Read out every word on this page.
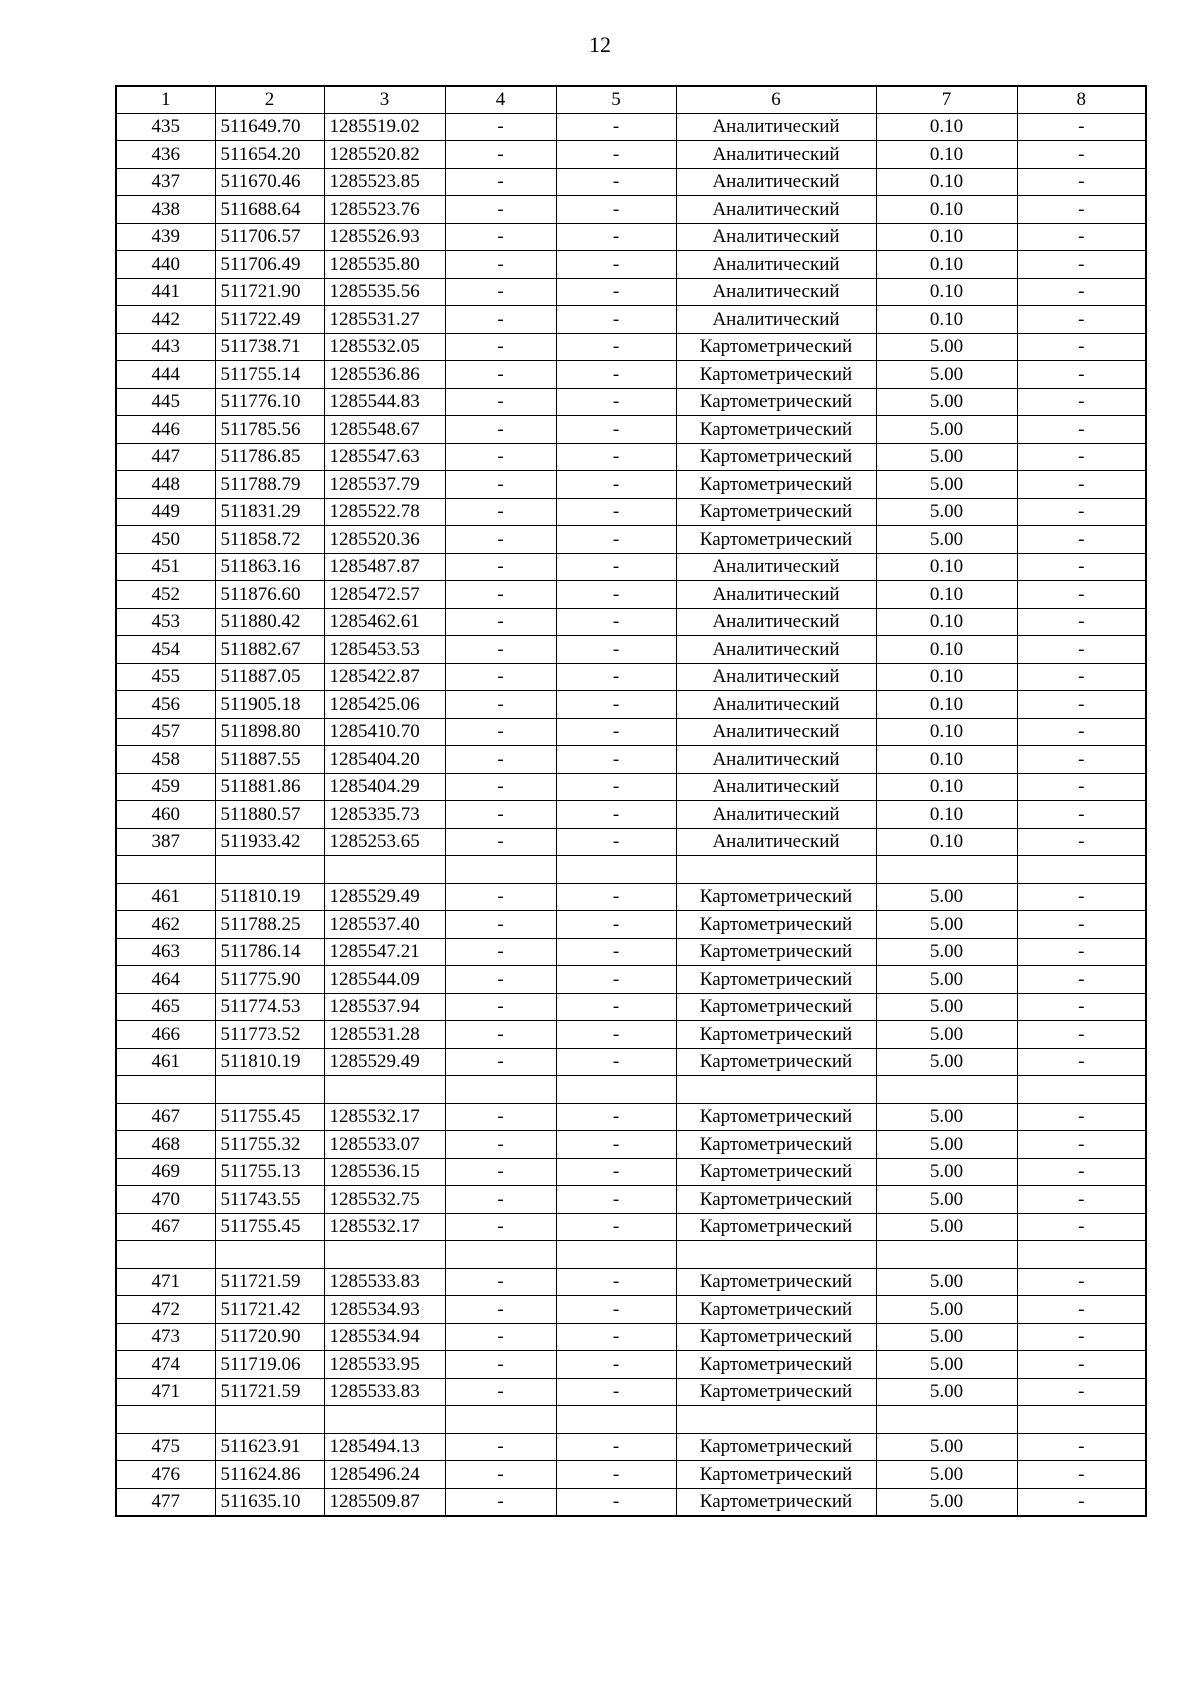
12
1	2	3	4	5	6	7	8
435	511649.70	1285519.02	-	-	Аналитический	0.10	-
436	511654.20	1285520.82	-	-	Аналитический	0.10	-
437	511670.46	1285523.85	-	-	Аналитический	0.10	-
438	511688.64	1285523.76	-	-	Аналитический	0.10	-
439	511706.57	1285526.93	-	-	Аналитический	0.10	-
440	511706.49	1285535.80	-	-	Аналитический	0.10	-
441	511721.90	1285535.56	-	-	Аналитический	0.10	-
442	511722.49	1285531.27	-	-	Аналитический	0.10	-
443	511738.71	1285532.05	-	-	Картометрический	5.00	-
444	511755.14	1285536.86	-	-	Картометрический	5.00	-
445	511776.10	1285544.83	-	-	Картометрический	5.00	-
446	511785.56	1285548.67	-	-	Картометрический	5.00	-
447	511786.85	1285547.63	-	-	Картометрический	5.00	-
448	511788.79	1285537.79	-	-	Картометрический	5.00	-
449	511831.29	1285522.78	-	-	Картометрический	5.00	-
450	511858.72	1285520.36	-	-	Картометрический	5.00	-
451	511863.16	1285487.87	-	-	Аналитический	0.10	-
452	511876.60	1285472.57	-	-	Аналитический	0.10	-
453	511880.42	1285462.61	-	-	Аналитический	0.10	-
454	511882.67	1285453.53	-	-	Аналитический	0.10	-
455	511887.05	1285422.87	-	-	Аналитический	0.10	-
456	511905.18	1285425.06	-	-	Аналитический	0.10	-
457	511898.80	1285410.70	-	-	Аналитический	0.10	-
458	511887.55	1285404.20	-	-	Аналитический	0.10	-
459	511881.86	1285404.29	-	-	Аналитический	0.10	-
460	511880.57	1285335.73	-	-	Аналитический	0.10	-
387	511933.42	1285253.65	-	-	Аналитический	0.10	-

461	511810.19	1285529.49	-	-	Картометрический	5.00	-
462	511788.25	1285537.40	-	-	Картометрический	5.00	-
463	511786.14	1285547.21	-	-	Картометрический	5.00	-
464	511775.90	1285544.09	-	-	Картометрический	5.00	-
465	511774.53	1285537.94	-	-	Картометрический	5.00	-
466	511773.52	1285531.28	-	-	Картометрический	5.00	-
461	511810.19	1285529.49	-	-	Картометрический	5.00	-

467	511755.45	1285532.17	-	-	Картометрический	5.00	-
468	511755.32	1285533.07	-	-	Картометрический	5.00	-
469	511755.13	1285536.15	-	-	Картометрический	5.00	-
470	511743.55	1285532.75	-	-	Картометрический	5.00	-
467	511755.45	1285532.17	-	-	Картометрический	5.00	-

471	511721.59	1285533.83	-	-	Картометрический	5.00	-
472	511721.42	1285534.93	-	-	Картометрический	5.00	-
473	511720.90	1285534.94	-	-	Картометрический	5.00	-
474	511719.06	1285533.95	-	-	Картометрический	5.00	-
471	511721.59	1285533.83	-	-	Картометрический	5.00	-

475	511623.91	1285494.13	-	-	Картометрический	5.00	-
476	511624.86	1285496.24	-	-	Картометрический	5.00	-
477	511635.10	1285509.87	-	-	Картометрический	5.00	-
